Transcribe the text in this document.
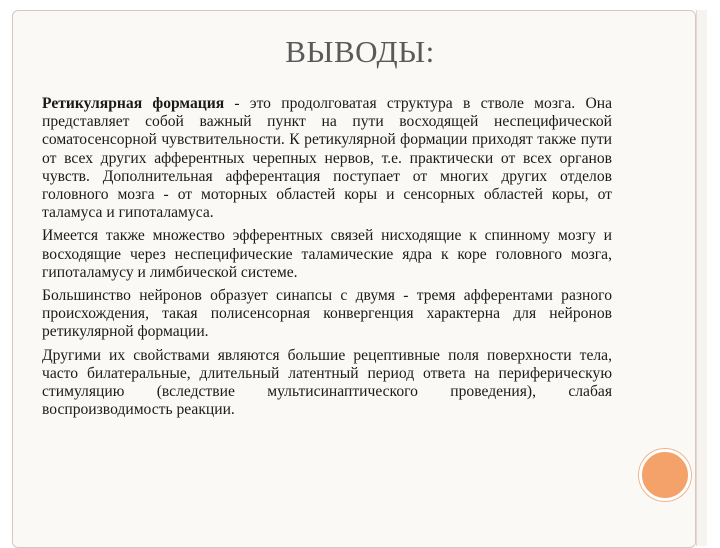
ВЫВОДЫ:

Ретикулярная формация - это продолговатая структура в стволе мозга. Она представляет собой важный пункт на пути восходящей неспецифической соматосенсорной чувствительности. К ретикулярной формации приходят также пути от всех других афферентных черепных нервов, т.е. практически от всех органов чувств. Дополнительная афферентация поступает от многих других отделов головного мозга - от моторных областей коры и сенсорных областей коры, от таламуса и гипоталамуса.

Имеется также множество эфферентных связей нисходящие к спинному мозгу и восходящие через неспецифические таламические ядра к коре головного мозга, гипоталамусу и лимбической системе.

Большинство нейронов образует синапсы с двумя - тремя афферентами разного происхождения, такая полисенсорная конвергенция характерна для нейронов ретикулярной формации.

Другими их свойствами являются большие рецептивные поля поверхности тела, часто билатеральные, длительный латентный период ответа на периферическую стимуляцию (вследствие мультисинаптического проведения), слабая воспроизводимость реакции.
